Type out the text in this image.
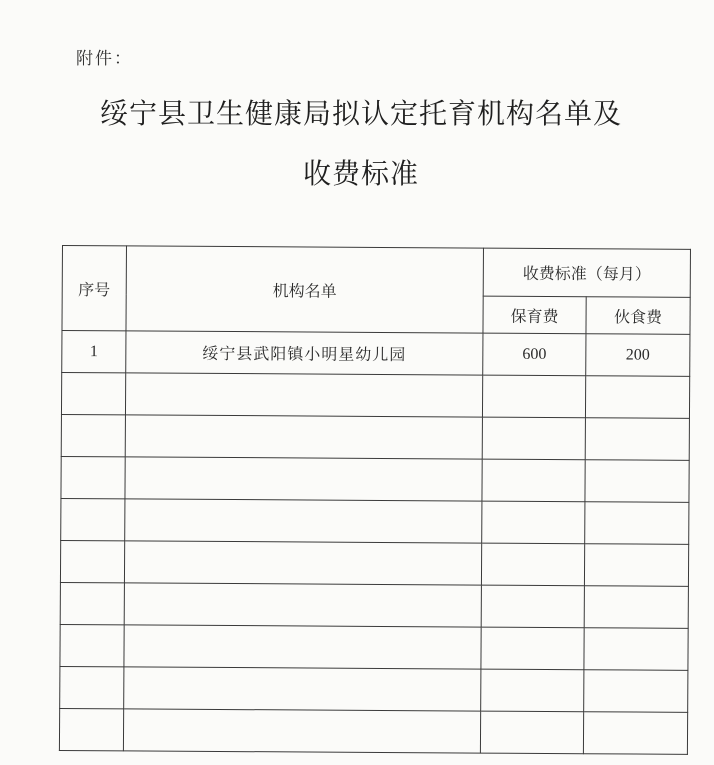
附件：
绥宁县卫生健康局拟认定托育机构名单及
收费标准
序号	机构名单	收费标准（每月）	
		保育费	伙食费
1	绥宁县武阳镇小明星幼儿园	600	200
